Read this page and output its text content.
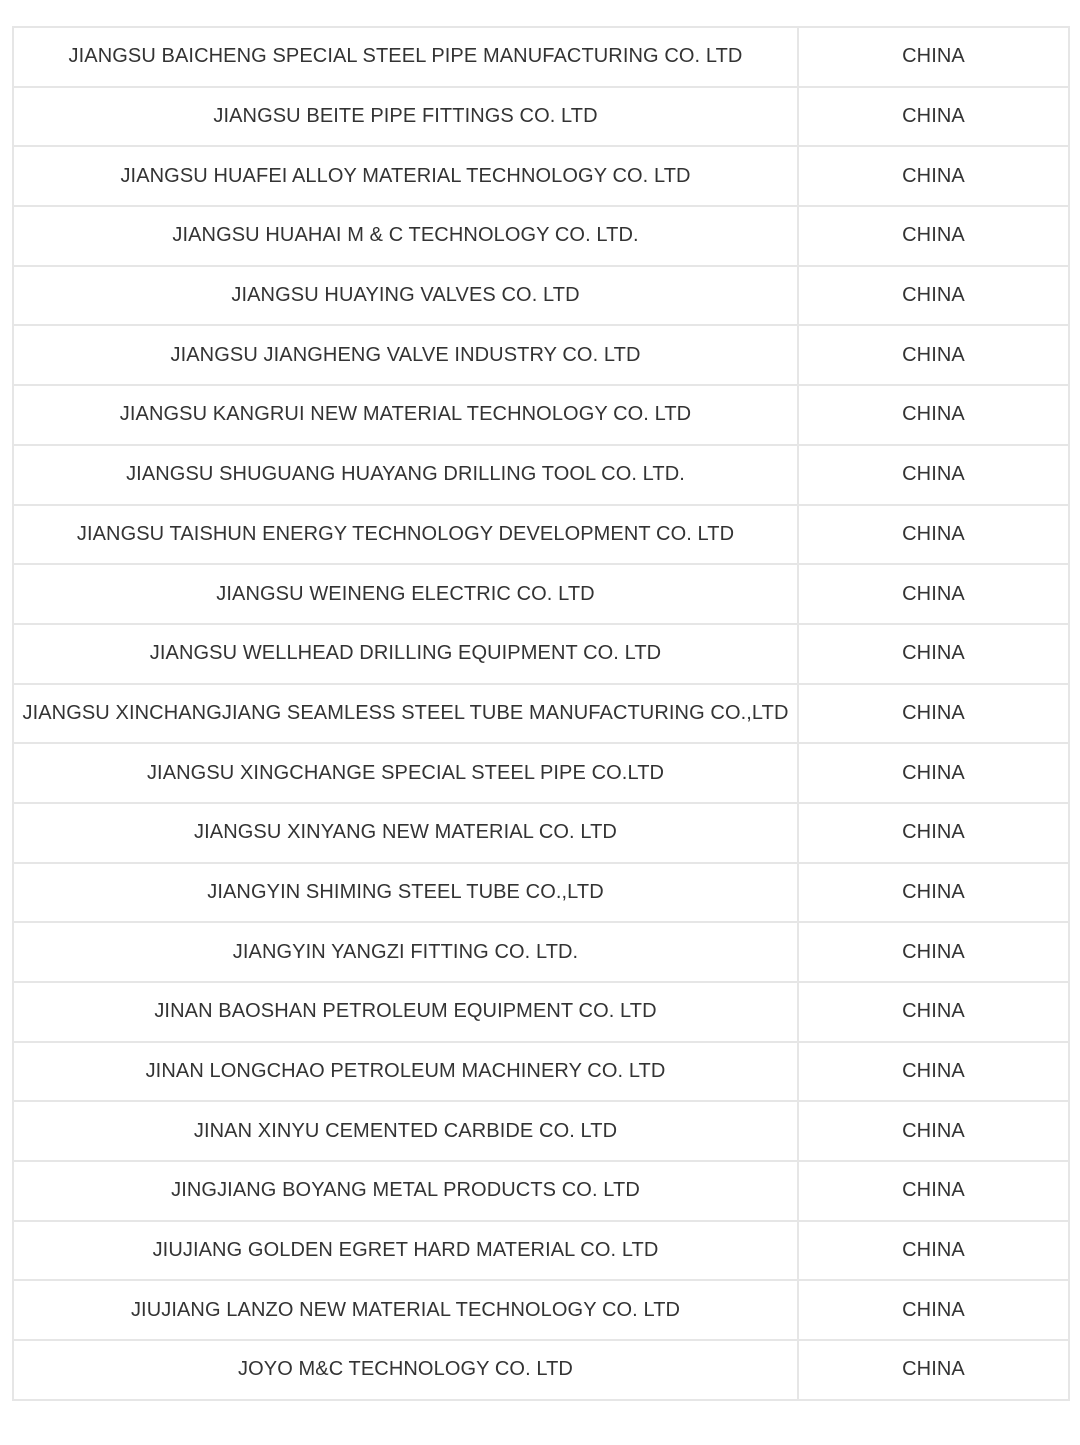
JIANGSU BAICHENG SPECIAL STEEL PIPE MANUFACTURING CO. LTD	CHINA
JIANGSU BEITE PIPE FITTINGS CO. LTD	CHINA
JIANGSU HUAFEI ALLOY MATERIAL TECHNOLOGY CO. LTD	CHINA
JIANGSU HUAHAI M & C TECHNOLOGY CO. LTD.	CHINA
JIANGSU HUAYING VALVES CO. LTD	CHINA
JIANGSU JIANGHENG VALVE INDUSTRY CO. LTD	CHINA
JIANGSU KANGRUI NEW MATERIAL TECHNOLOGY CO. LTD	CHINA
JIANGSU SHUGUANG HUAYANG DRILLING TOOL CO. LTD.	CHINA
JIANGSU TAISHUN ENERGY TECHNOLOGY DEVELOPMENT CO. LTD	CHINA
JIANGSU WEINENG ELECTRIC CO. LTD	CHINA
JIANGSU WELLHEAD DRILLING EQUIPMENT CO. LTD	CHINA
JIANGSU XINCHANGJIANG SEAMLESS STEEL TUBE MANUFACTURING CO.,LTD	CHINA
JIANGSU XINGCHANGE SPECIAL STEEL PIPE CO.LTD	CHINA
JIANGSU XINYANG NEW MATERIAL CO. LTD	CHINA
JIANGYIN SHIMING STEEL TUBE CO.,LTD	CHINA
JIANGYIN YANGZI FITTING CO. LTD.	CHINA
JINAN BAOSHAN PETROLEUM EQUIPMENT CO. LTD	CHINA
JINAN LONGCHAO PETROLEUM MACHINERY CO. LTD	CHINA
JINAN XINYU CEMENTED CARBIDE CO. LTD	CHINA
JINGJIANG BOYANG METAL PRODUCTS CO. LTD	CHINA
JIUJIANG GOLDEN EGRET HARD MATERIAL CO. LTD	CHINA
JIUJIANG LANZO NEW MATERIAL TECHNOLOGY CO. LTD	CHINA
JOYO M&C TECHNOLOGY CO. LTD	CHINA
